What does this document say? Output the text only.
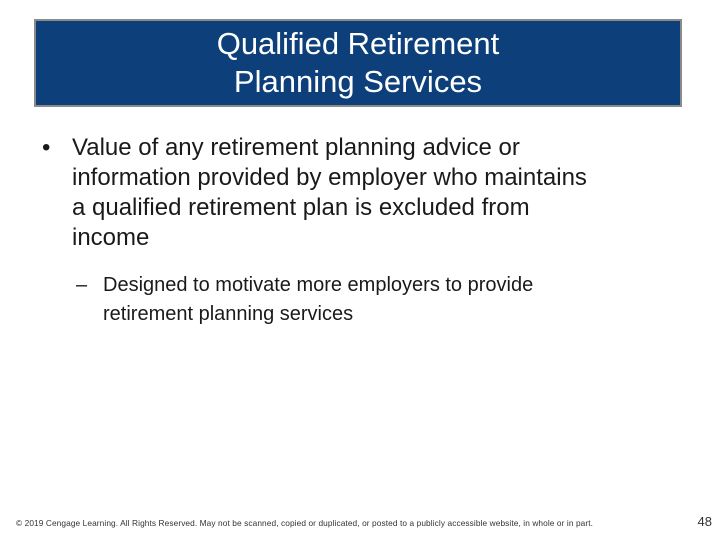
Qualified Retirement
Planning Services
• Value of any retirement planning advice or
information provided by employer who maintains
a qualified retirement plan is excluded from
income
– Designed to motivate more employers to provide
retirement planning services
© 2019 Cengage Learning. All Rights Reserved. May not be scanned, copied or duplicated, or posted to a publicly accessible website, in whole or in part.	48
